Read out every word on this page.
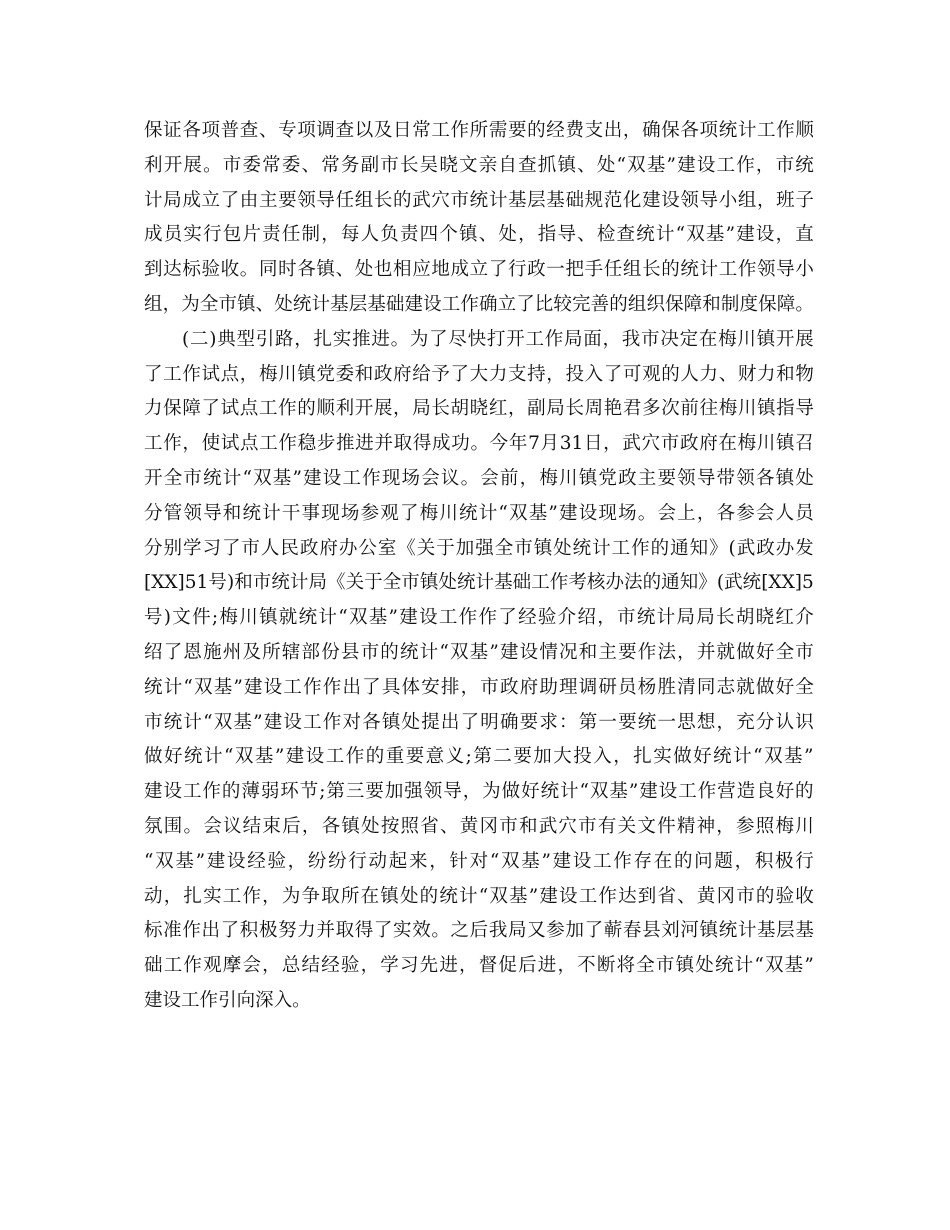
保 证 各 项 普 查 、 专 项 调 查 以 及 日 常 工 作 所 需 要 的 经 费 支 出 ， 确 保 各 项 统 计 工 作 顺
利 开 展 。 市 委 常 委 、 常 务 副 市 长 吴 晓 文 亲 自 查 抓 镇 、 处 “ 双 基 ” 建 设 工 作 ， 市 统
计 局 成 立 了 由 主 要 领 导 任 组 长 的 武 穴 市 统 计 基 层 基 础 规 范 化 建 设 领 导 小 组 ， 班 子
成 员 实 行 包 片 责 任 制 ， 每 人 负 责 四 个 镇 、 处 ， 指 导 、 检 查 统 计 “ 双 基 ” 建 设 ， 直
到 达 标 验 收 。 同 时 各 镇 、 处 也 相 应 地 成 立 了 行 政 一 把 手 任 组 长 的 统 计 工 作 领 导 小
组 ， 为 全 市 镇 、 处 统 计 基 层 基 础 建 设 工 作 确 立 了 比 较 完 善 的 组 织 保 障 和 制 度 保 障 。
( 二 ) 典 型 引 路 ， 扎 实 推 进 。 为 了 尽 快 打 开 工 作 局 面 ， 我 市 决 定 在 梅 川 镇 开 展
了 工 作 试 点 ， 梅 川 镇 党 委 和 政 府 给 予 了 大 力 支 持 ， 投 入 了 可 观 的 人 力 、 财 力 和 物
力 保 障 了 试 点 工 作 的 顺 利 开 展 ， 局 长 胡 晓 红 ， 副 局 长 周 艳 君 多 次 前 往 梅 川 镇 指 导
工 作 ， 使 试 点 工 作 稳 步 推 进 并 取 得 成 功 。 今 年 7 月 31 日 ， 武 穴 市 政 府 在 梅 川 镇 召
开 全 市 统 计 “ 双 基 ” 建 设 工 作 现 场 会 议 。 会 前 ， 梅 川 镇 党 政 主 要 领 导 带 领 各 镇 处
分 管 领 导 和 统 计 干 事 现 场 参 观 了 梅 川 统 计 “ 双 基 ” 建 设 现 场 。 会 上 ， 各 参 会 人 员
分 别 学 习 了 市 人 民 政 府 办 公 室 《 关 于 加 强 全 市 镇 处 统 计 工 作 的 通 知 》 ( 武 政 办 发
[XX]51 号 ) 和 市 统 计 局 《 关 于 全 市 镇 处 统 计 基 础 工 作 考 核 办 法 的 通 知 》 ( 武 统 [XX]5
号 ) 文 件 ; 梅 川 镇 就 统 计 “ 双 基 ” 建 设 工 作 作 了 经 验 介 绍 ， 市 统 计 局 局 长 胡 晓 红 介
绍 了 恩 施 州 及 所 辖 部 份 县 市 的 统 计 “ 双 基 ” 建 设 情 况 和 主 要 作 法 ， 并 就 做 好 全 市
统 计 “ 双 基 ” 建 设 工 作 作 出 了 具 体 安 排 ， 市 政 府 助 理 调 研 员 杨 胜 清 同 志 就 做 好 全
市 统 计 “ 双 基 ” 建 设 工 作 对 各 镇 处 提 出 了 明 确 要 求 ： 第 一 要 统 一 思 想 ， 充 分 认 识
做 好 统 计 “ 双 基 ” 建 设 工 作 的 重 要 意 义 ; 第 二 要 加 大 投 入 ， 扎 实 做 好 统 计 “ 双 基 ”
建 设 工 作 的 薄 弱 环 节 ; 第 三 要 加 强 领 导 ， 为 做 好 统 计 “ 双 基 ” 建 设 工 作 营 造 良 好 的
氛 围 。 会 议 结 束 后 ， 各 镇 处 按 照 省 、 黄 冈 市 和 武 穴 市 有 关 文 件 精 神 ， 参 照 梅 川
“ 双 基 ” 建 设 经 验 ， 纷 纷 行 动 起 来 ， 针 对 “ 双 基 ” 建 设 工 作 存 在 的 问 题 ， 积 极 行
动 ， 扎 实 工 作 ， 为 争 取 所 在 镇 处 的 统 计 “ 双 基 ” 建 设 工 作 达 到 省 、 黄 冈 市 的 验 收
标 准 作 出 了 积 极 努 力 并 取 得 了 实 效 。 之 后 我 局 又 参 加 了 蕲 春 县 刘 河 镇 统 计 基 层 基
础 工 作 观 摩 会 ， 总 结 经 验 ， 学 习 先 进 ， 督 促 后 进 ， 不 断 将 全 市 镇 处 统 计 “ 双 基 ”
建 设 工 作 引 向 深 入 。
